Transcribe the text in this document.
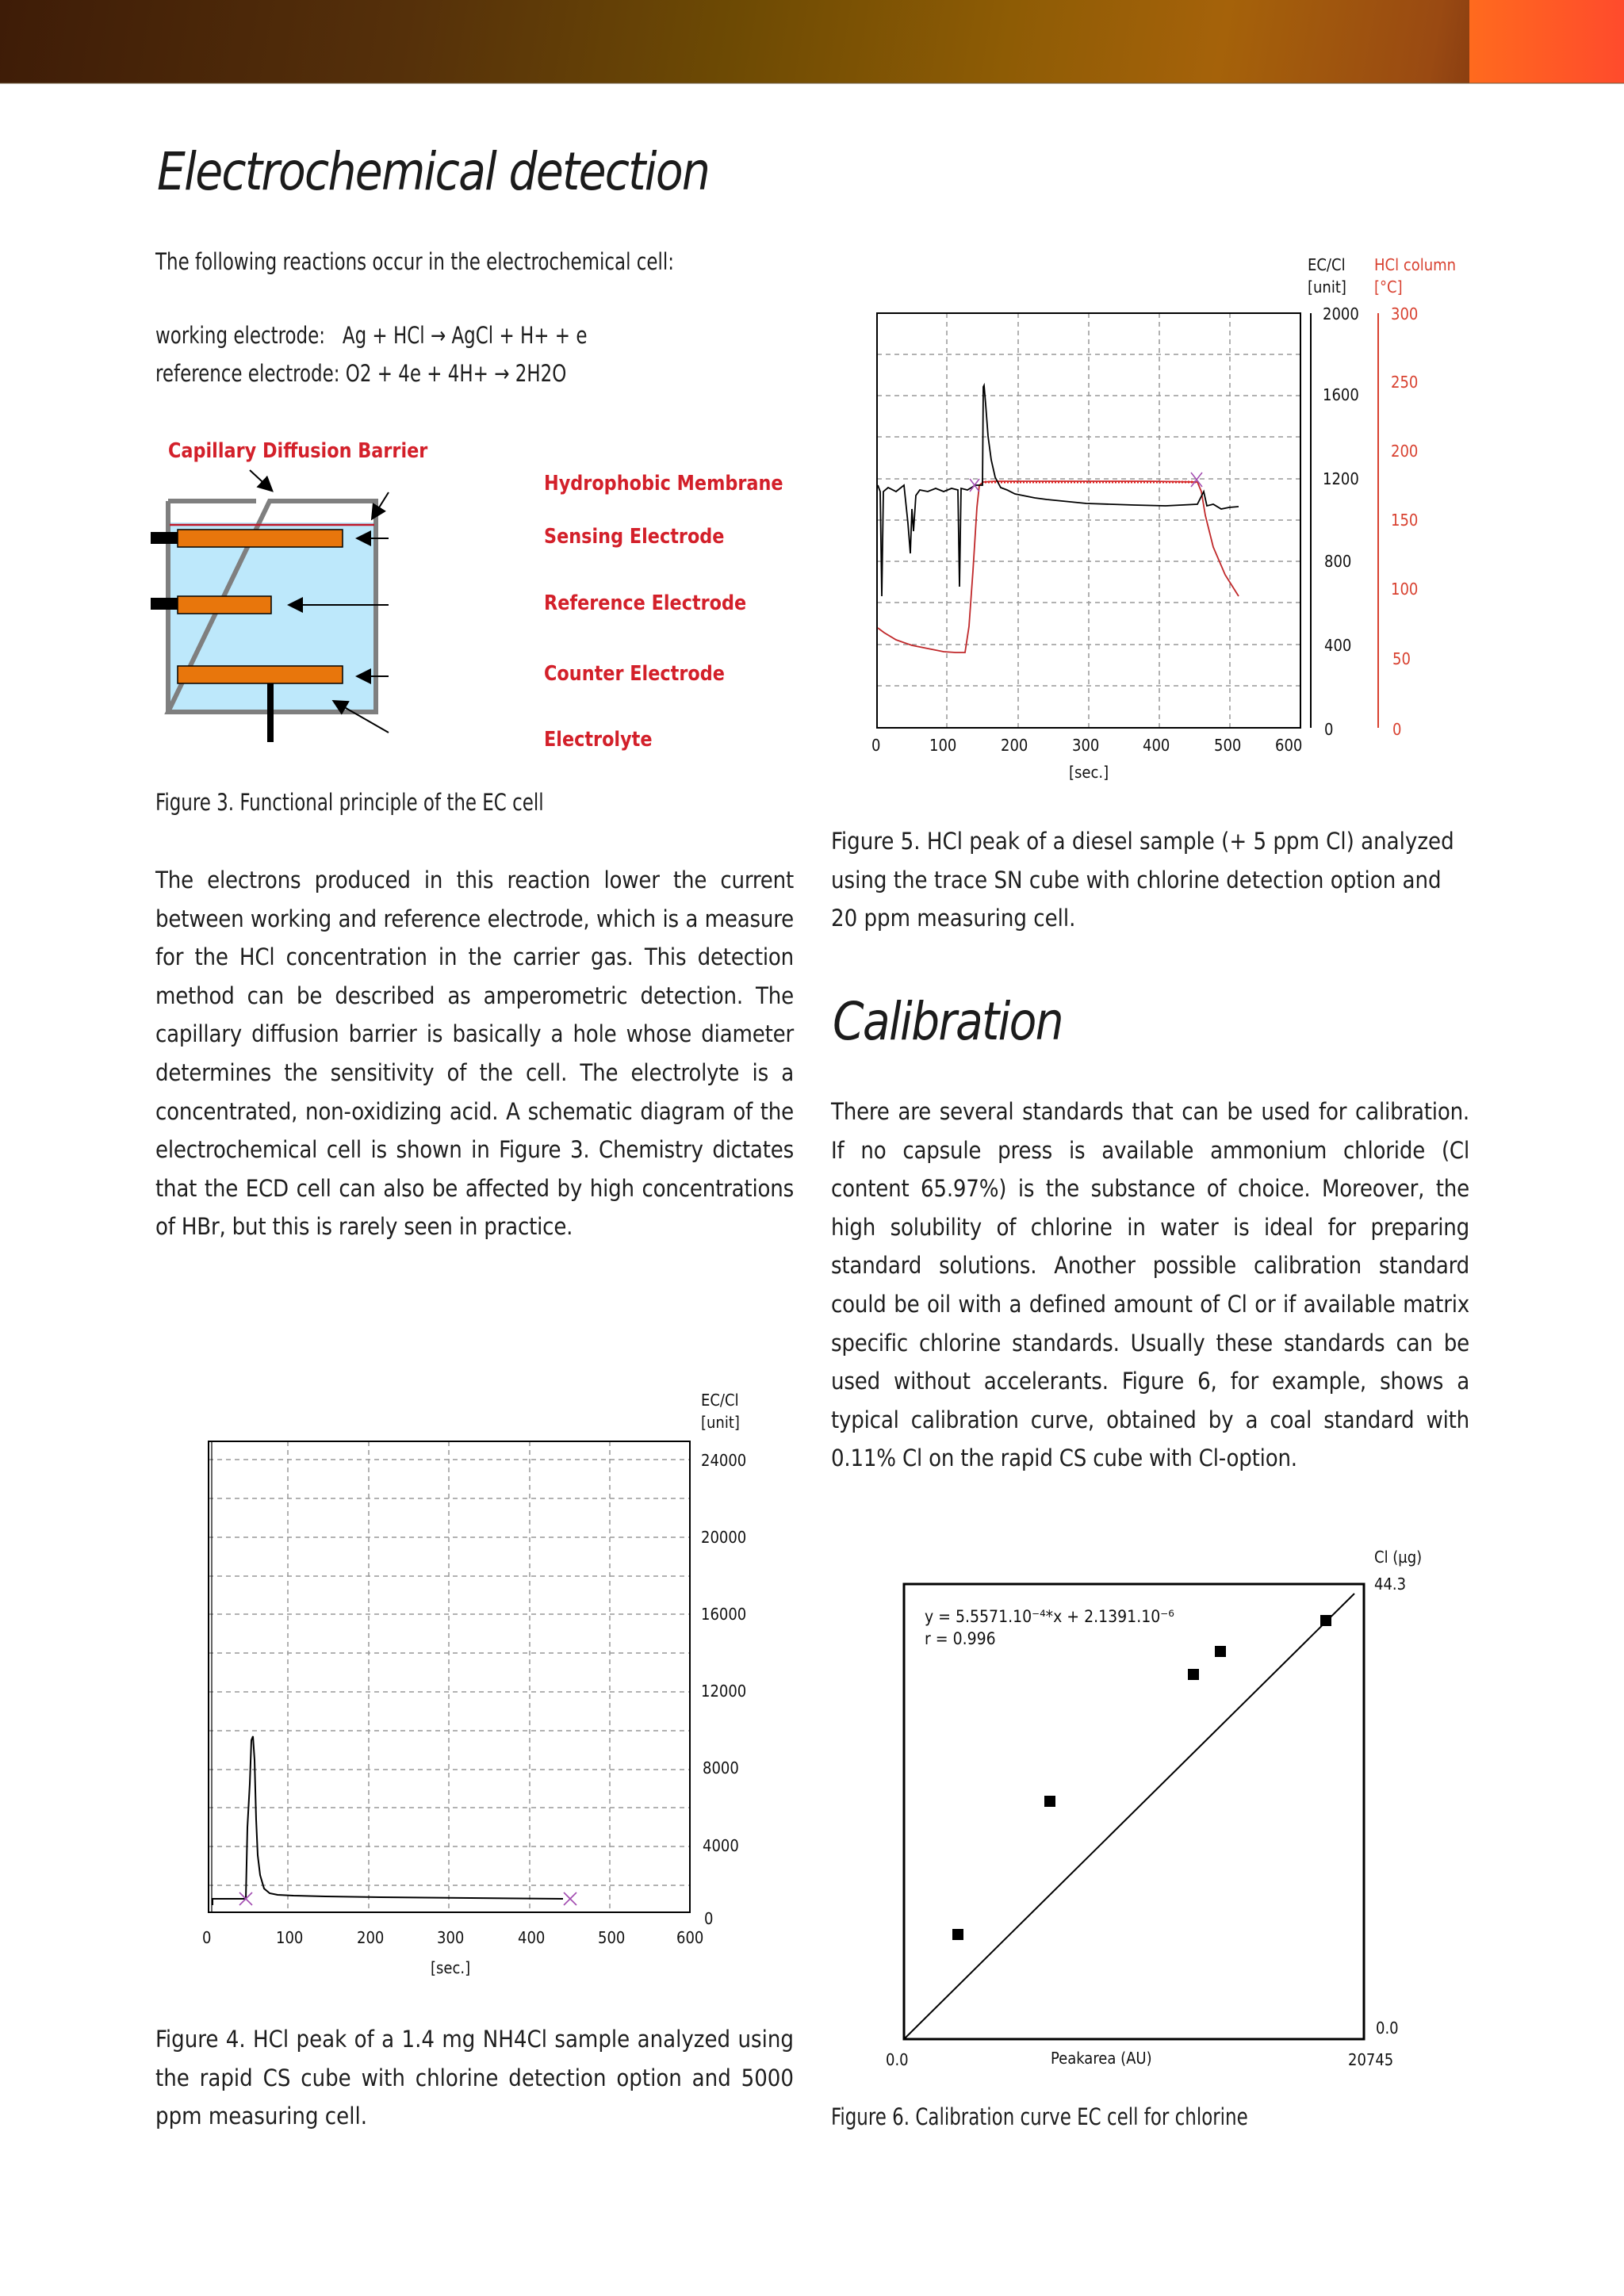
Electrochemical detection
The following reactions occur in the electrochemical cell:
working electrode: Ag + HCl → AgCl + H+ + e
reference electrode: O2 + 4e + 4H+ → 2H2O
Capillary Diffusion Barrier
Hydrophobic Membrane
Sensing Electrode
Reference Electrode
Counter Electrode
Electrolyte
Figure 3. Functional principle of the EC cell
The electrons produced in this reaction lower the current between working and reference electrode, which is a measure for the HCl concentration in the carrier gas. This detection method can be described as amperometric detection. The capillary diffusion barrier is basically a hole whose diameter determines the sensitivity of the cell. The electrolyte is a concentrated, non-oxidizing acid. A schematic diagram of the electrochemical cell is shown in Figure 3. Chemistry dictates that the ECD cell can also be affected by high concentrations of HBr, but this is rarely seen in practice.
EC/Cl
[unit]
24000
20000
16000
12000
8000
4000
0
0	100	200	300	400	500	600
[sec.]
Figure 4. HCl peak of a 1.4 mg NH4Cl sample analyzed using the rapid CS cube with chlorine detection option and 5000 ppm measuring cell.
EC/Cl
[unit]
HCl column
[°C]
2000
1600
1200
800
400
0
300
250
200
150
100
50
0
0	100	200	300	400	500 600
[sec.]
Figure 5. HCl peak of a diesel sample (+ 5 ppm Cl) analyzed using the trace SN cube with chlorine detection option and 20 ppm measuring cell.
Calibration
There are several standards that can be used for calibration. If no capsule press is available ammonium chloride (Cl content 65.97%) is the substance of choice. Moreover, the high solubility of chlorine in water is ideal for preparing standard solutions. Another possible calibration standard could be oil with a defined amount of Cl or if available matrix specific chlorine standards. Usually these standards can be used without accelerants. Figure 6, for example, shows a typical calibration curve, obtained by a coal standard with 0.11% Cl on the rapid CS cube with Cl-option.
y = 5.5571.10⁻⁴*x + 2.1391.10⁻⁶
r = 0.996
Cl (µg)
44.3
0.0
0.0	Peakarea (AU)	20745
Figure 6. Calibration curve EC cell for chlorine
